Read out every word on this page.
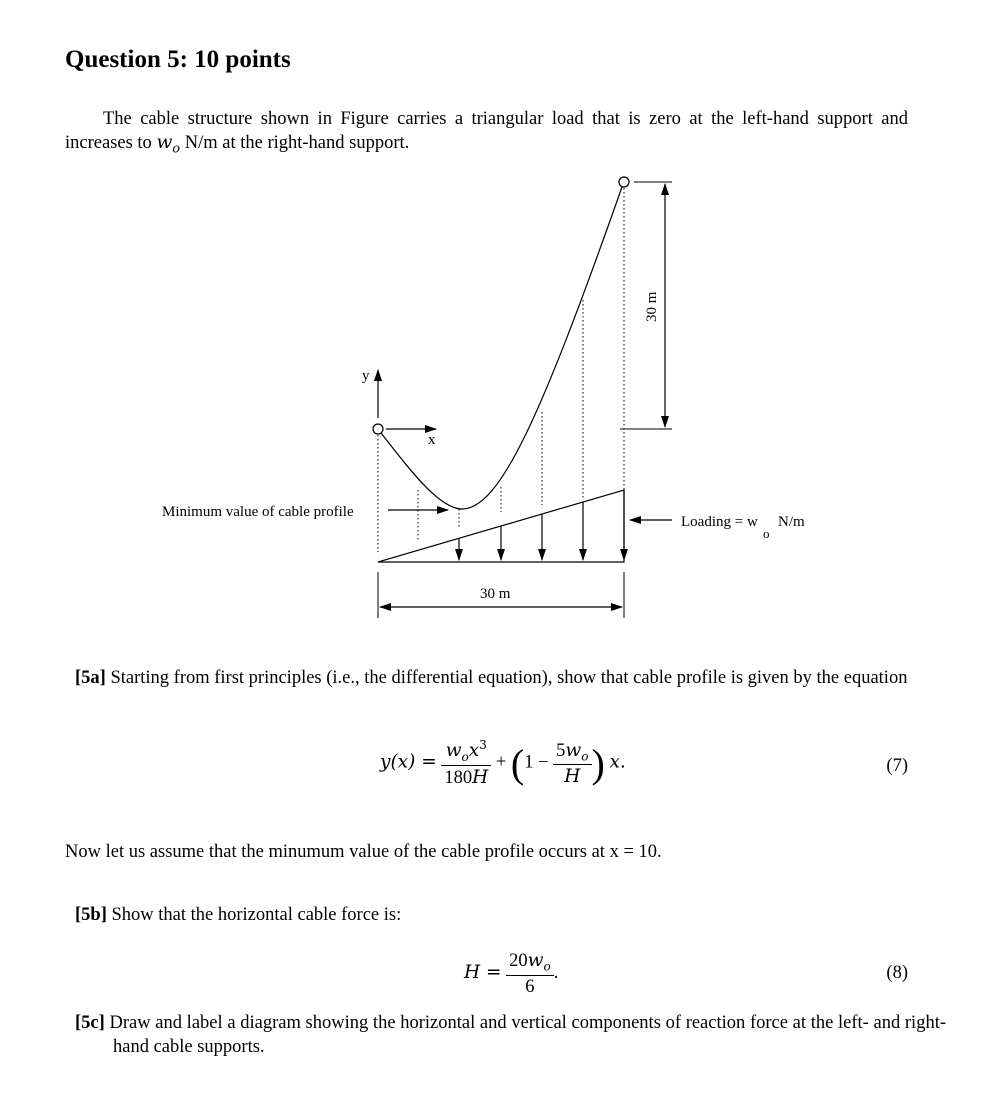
Question 5: 10 points
The cable structure shown in Figure carries a triangular load that is zero at the left-hand support and increases to $w_o$ N/m at the right-hand support.
y
x
30 m
30 m
Minimum value of cable profile
Loading = w
o
N/m
[5a] Starting from first principles (i.e., the differential equation), show that cable profile is given by the equation
$y(x) = \frac{w_ox^3}{180H} + (1 - \frac{5w_o}{H}$ ) x.	(7)
Now let us assume that the minumum value of the cable profile occurs at x = 10.
[5b] Show that the horizontal cable force is:
$H = \frac{20w_o}{6}$ .	(8)
[5c] Draw and label a diagram showing the horizontal and vertical components of reaction force at the left- and right-hand cable supports.
